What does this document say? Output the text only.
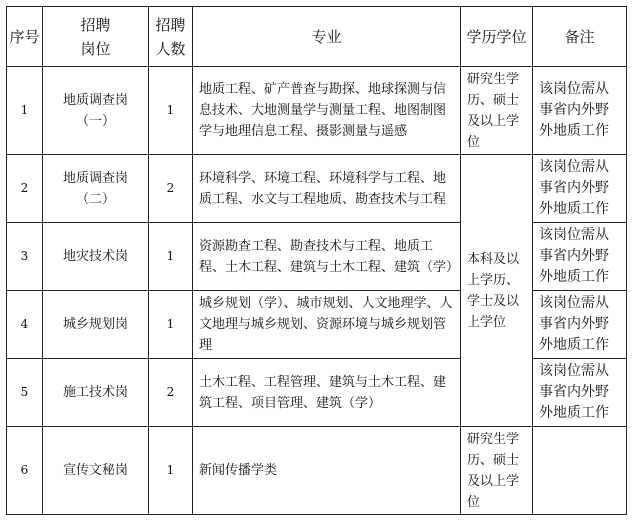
序号	招聘岗位	招聘人数	专业	学历学位	备注
1	地质调查岗（一）	1	地质工程、矿产普查与勘探、地球探测与信息技术、大地测量学与测量工程、地图制图学与地理信息工程、摄影测量与遥感	研究生学历、硕士及以上学位	该岗位需从事省内外野外地质工作
2	地质调查岗（二）	2	环境科学、环境工程、环境科学与工程、地质工程、水文与工程地质、勘查技术与工程	本科及以上学历、学士及以上学位	该岗位需从事省内外野外地质工作
3	地灾技术岗	1	资源勘查工程、勘查技术与工程、地质工程、土木工程、建筑与土木工程、建筑（学）		该岗位需从事省内外野外地质工作
4	城乡规划岗	1	城乡规划（学）、城市规划、人文地理学、人文地理与城乡规划、资源环境与城乡规划管理		该岗位需从事省内外野外地质工作
5	施工技术岗	2	土木工程、工程管理、建筑与土木工程、建筑工程、项目管理、建筑（学）		该岗位需从事省内外野外地质工作
6	宣传文秘岗	1	新闻传播学类	研究生学历、硕士及以上学位	
